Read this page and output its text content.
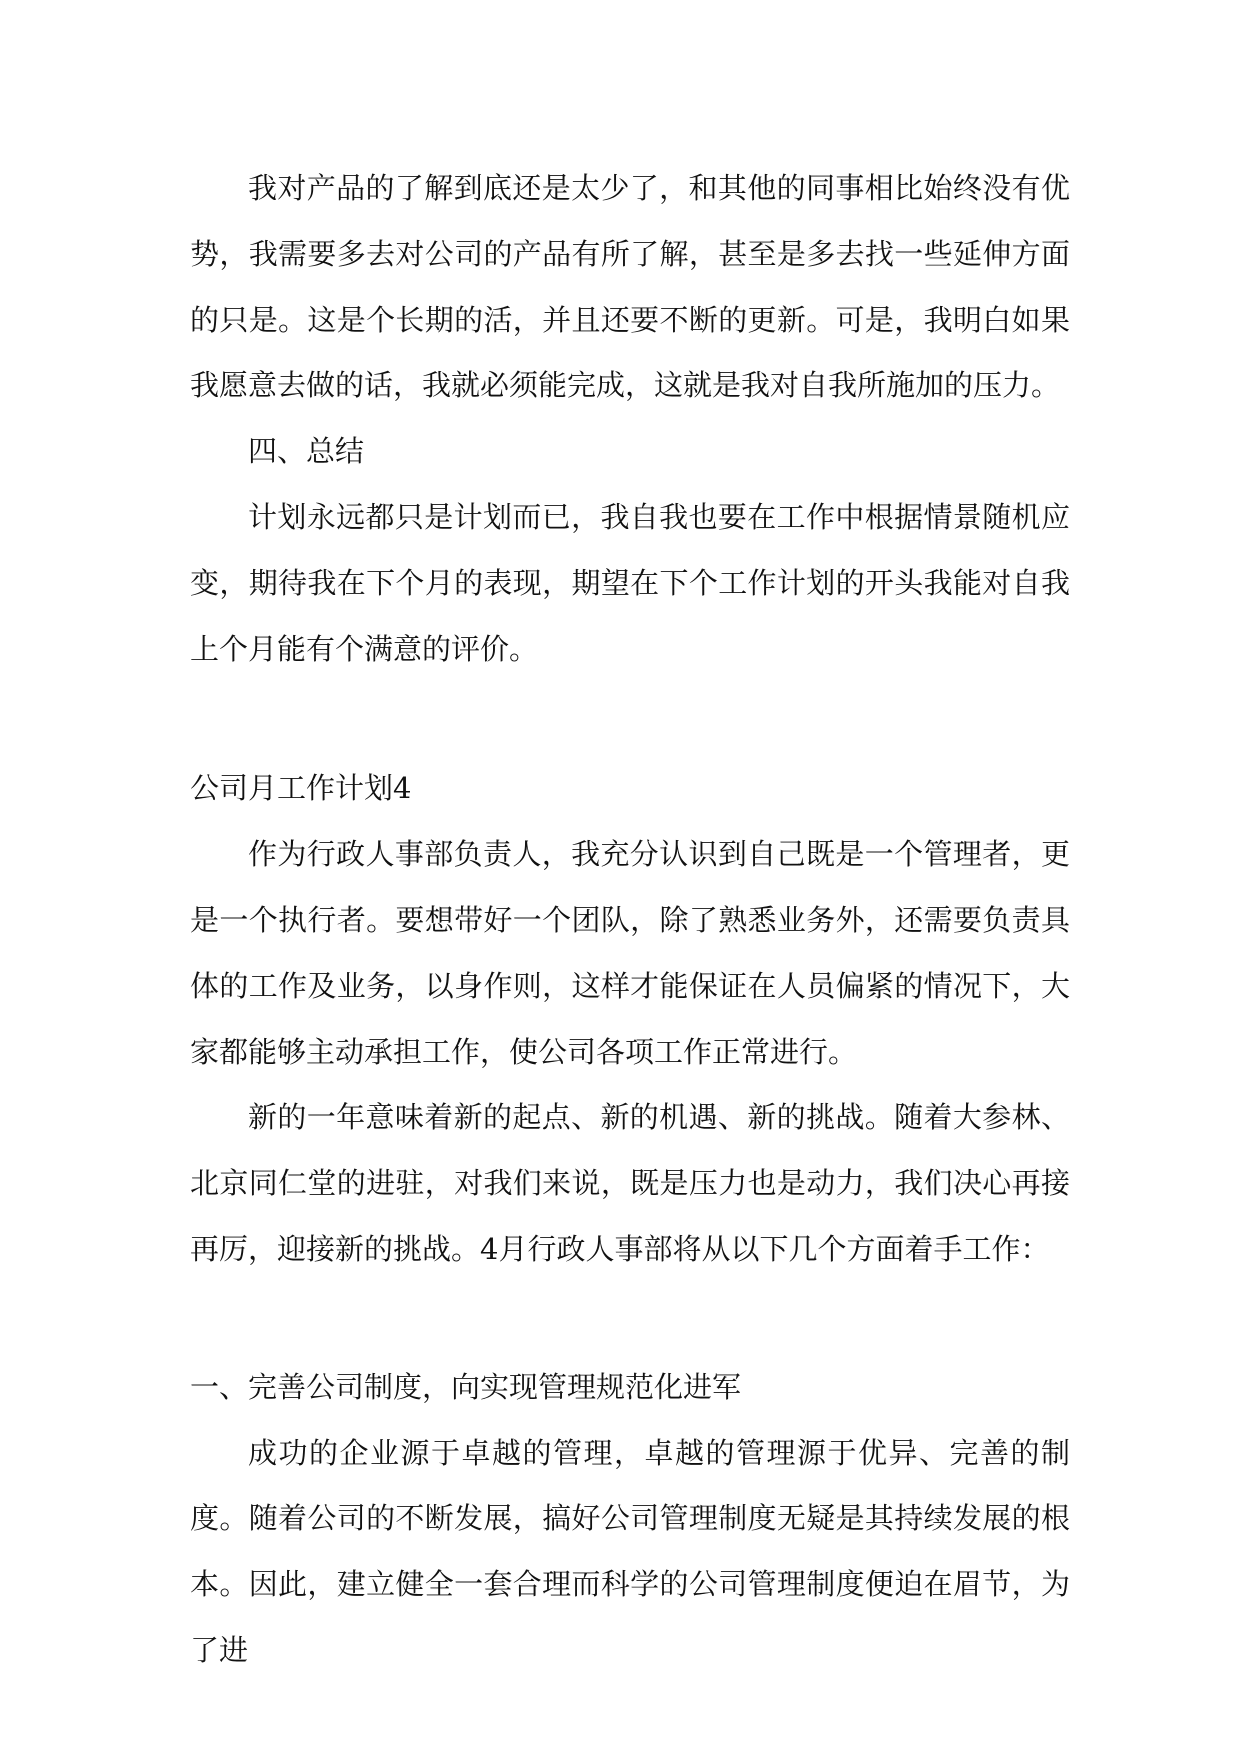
我对产品的了解到底还是太少了，和其他的同事相比始终没有优势，我需要多去对公司的产品有所了解，甚至是多去找一些延伸方面的只是。这是个长期的活，并且还要不断的更新。可是，我明白如果我愿意去做的话，我就必须能完成，这就是我对自我所施加的压力。

四、总结

计划永远都只是计划而已，我自我也要在工作中根据情景随机应变，期待我在下个月的表现，期望在下个工作计划的开头我能对自我上个月能有个满意的评价。

公司月工作计划4

作为行政人事部负责人，我充分认识到自己既是一个管理者，更是一个执行者。要想带好一个团队，除了熟悉业务外，还需要负责具体的工作及业务，以身作则，这样才能保证在人员偏紧的情况下，大家都能够主动承担工作，使公司各项工作正常进行。

新的一年意味着新的起点、新的机遇、新的挑战。随着大参林、北京同仁堂的进驻，对我们来说，既是压力也是动力，我们决心再接再厉，迎接新的挑战。4月行政人事部将从以下几个方面着手工作：

一、完善公司制度，向实现管理规范化进军

成功的企业源于卓越的管理，卓越的管理源于优异、完善的制度。随着公司的不断发展，搞好公司管理制度无疑是其持续发展的根本。因此，建立健全一套合理而科学的公司管理制度便迫在眉节，为了进
